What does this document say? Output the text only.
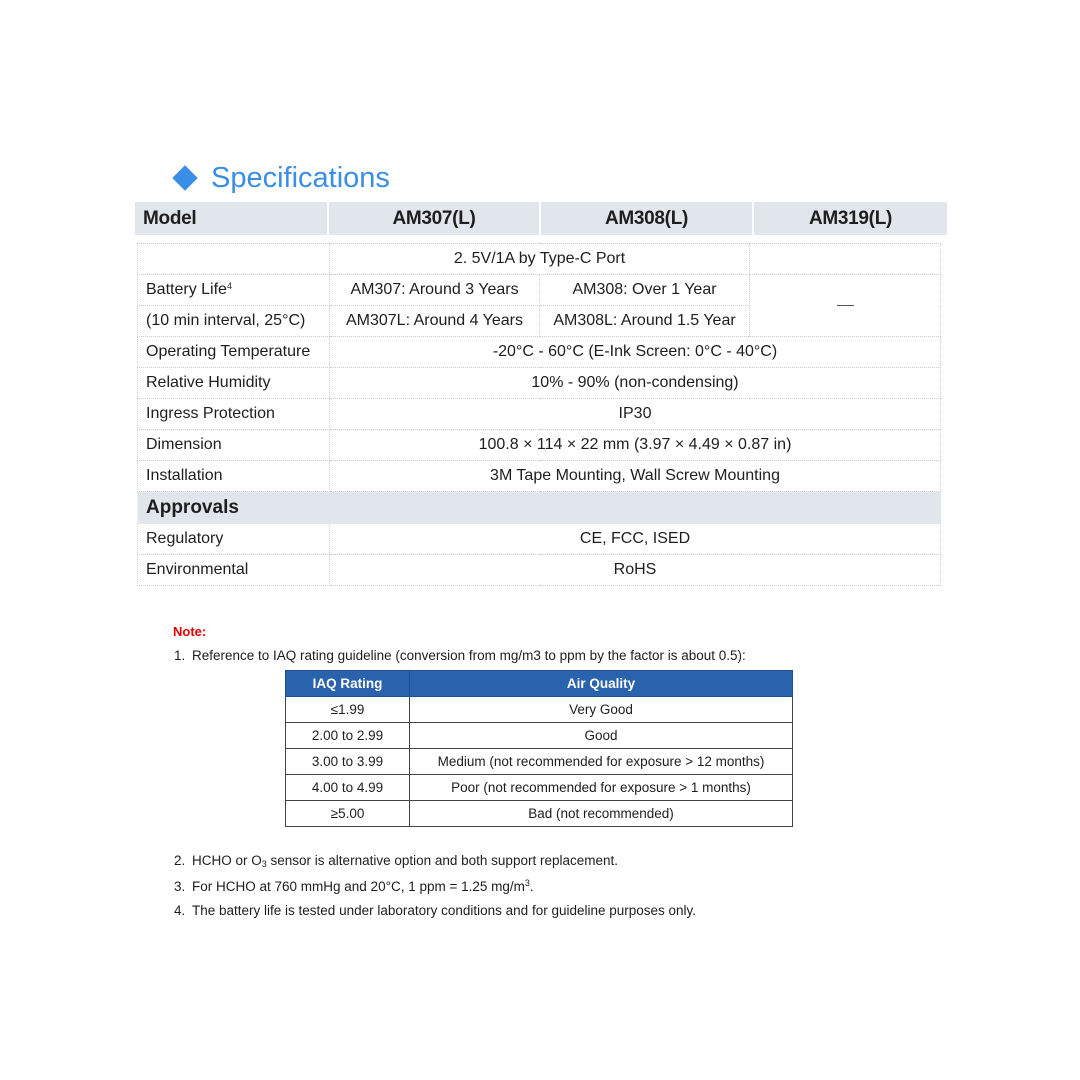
Specifications
Model	AM307(L)	AM308(L)	AM319(L)
	2. 5V/1A by Type-C Port		
Battery Life$^4$	AM307: Around 3 Years	AM308: Over 1 Year	
(10 min interval, 25°C)	AM307L: Around 4 Years	AM308L: Around 1.5 Year	
Operating Temperature	-20°C - 60°C (E-Ink Screen: 0°C - 40°C)		
Relative Humidity	10% - 90% (non-condensing)		
Ingress Protection	IP30		
Dimension	100.8 × 114 × 22 mm (3.97 × 4.49 × 0.87 in)		
Installation	3M Tape Mounting, Wall Screw Mounting		
Approvals			
Regulatory	CE, FCC, ISED		
Environmental	RoHS		
Note:
1. Reference to IAQ rating guideline (conversion from mg/m3 to ppm by the factor is about 0.5):
IAQ Rating	Air Quality
≤1.99	Very Good
2.00 to 2.99	Good
3.00 to 3.99	Medium (not recommended for exposure > 12 months)
4.00 to 4.99	Poor (not recommended for exposure > 1 months)
≥5.00	Bad (not recommended)
2. HCHO or $O_3$ sensor is alternative option and both support replacement.
3. For HCHO at 760 mmHg and 20°C, 1 ppm = 1.25 $mg/m^3$.
4. The battery life is tested under laboratory conditions and for guideline purposes only.
